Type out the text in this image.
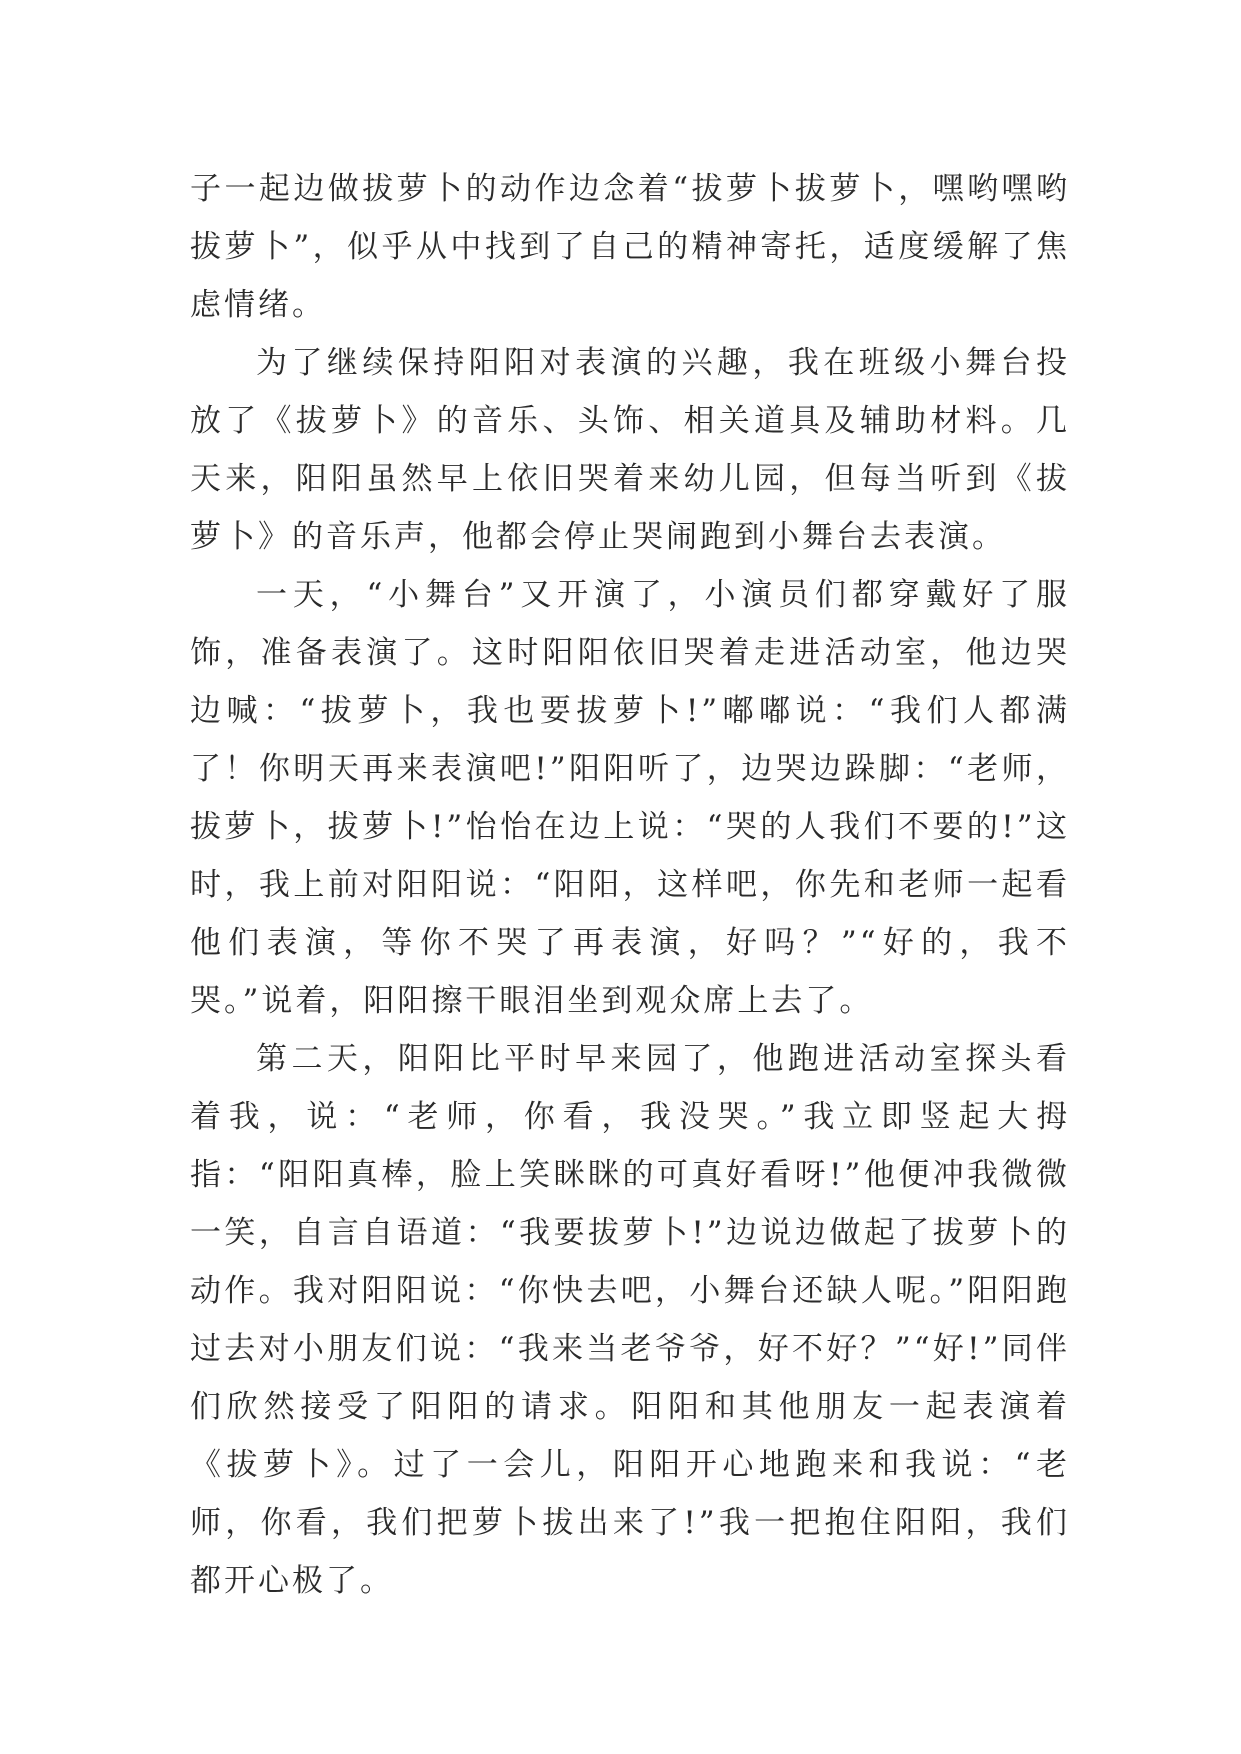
子一起边做拔萝卜的动作边念着“拔萝卜拔萝卜，嘿哟嘿哟拔萝卜”，似乎从中找到了自己的精神寄托，适度缓解了焦虑情绪。

为了继续保持阳阳对表演的兴趣，我在班级小舞台投放了《拔萝卜》的音乐、头饰、相关道具及辅助材料。几天来，阳阳虽然早上依旧哭着来幼儿园，但每当听到《拔萝卜》的音乐声，他都会停止哭闹跑到小舞台去表演。

一天，“小舞台”又开演了，小演员们都穿戴好了服饰，准备表演了。这时阳阳依旧哭着走进活动室，他边哭边喊：“拔萝卜，我也要拔萝卜!”嘟嘟说：“我们人都满了！你明天再来表演吧!”阳阳听了，边哭边跺脚：“老师，拔萝卜，拔萝卜!”怡怡在边上说：“哭的人我们不要的!”这时，我上前对阳阳说：“阳阳，这样吧，你先和老师一起看他们表演，等你不哭了再表演，好吗？”“好的，我不哭。”说着，阳阳擦干眼泪坐到观众席上去了。

第二天，阳阳比平时早来园了，他跑进活动室探头看着我，说：“老师，你看，我没哭。”我立即竖起大拇指：“阳阳真棒，脸上笑眯眯的可真好看呀!”他便冲我微微一笑，自言自语道：“我要拔萝卜!”边说边做起了拔萝卜的动作。我对阳阳说：“你快去吧，小舞台还缺人呢。”阳阳跑过去对小朋友们说：“我来当老爷爷，好不好？”“好!”同伴们欣然接受了阳阳的请求。阳阳和其他朋友一起表演着《拔萝卜》。过了一会儿，阳阳开心地跑来和我说：“老师，你看，我们把萝卜拔出来了!”我一把抱住阳阳，我们都开心极了。
